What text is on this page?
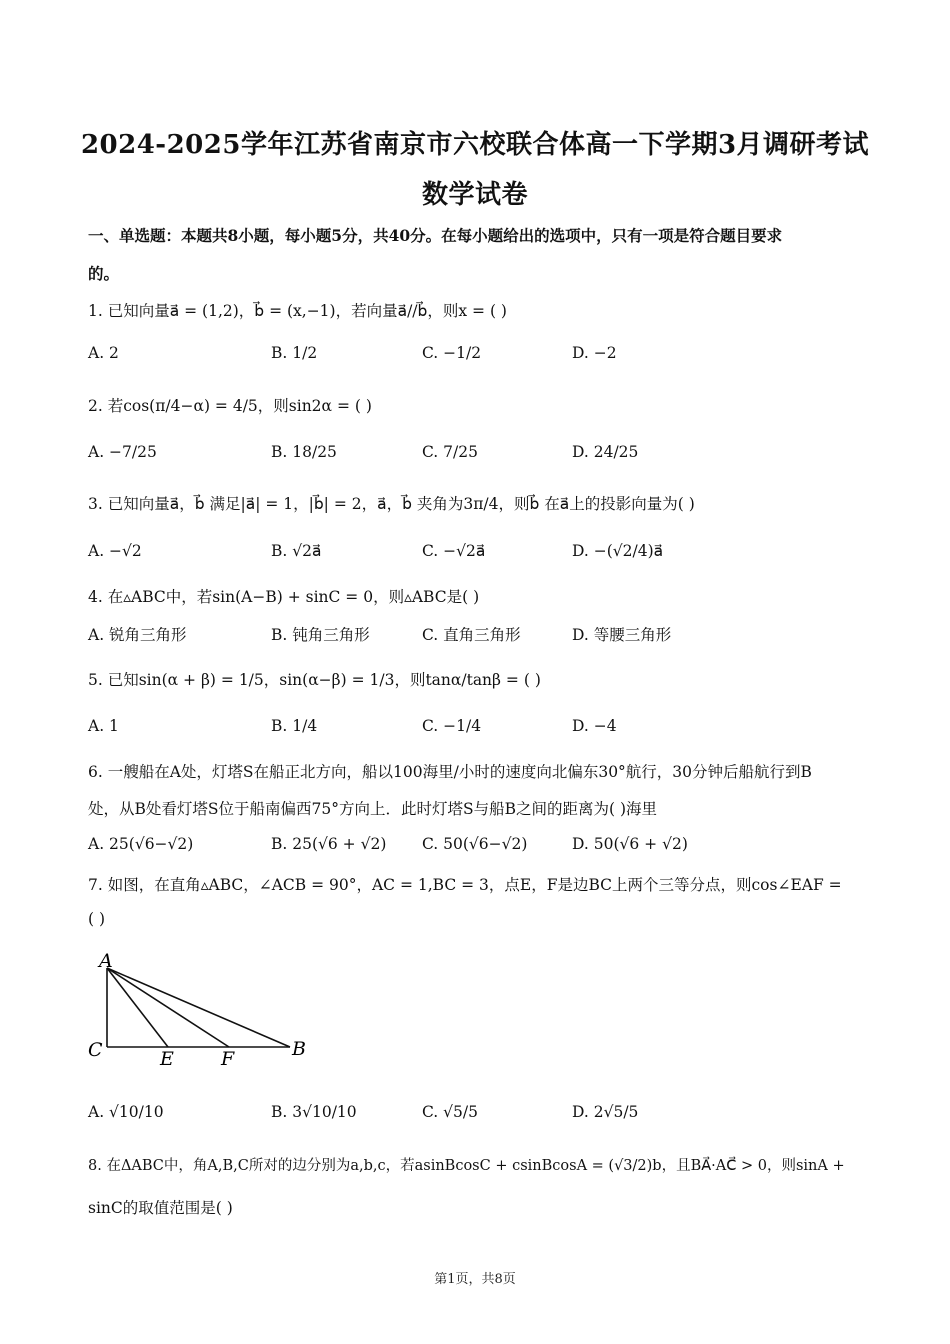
2024-2025学年江苏省南京市六校联合体高一下学期3月调研考试
数学试卷
一、单选题：本题共8小题，每小题5分，共40分。在每小题给出的选项中，只有一项是符合题目要求
的。
1. 已知向量a⃗ = (1,2)，b⃗ = (x,−1)，若向量a⃗//b⃗，则x = ( )
A. 2	B. 1/2	C. −1/2	D. −2
2. 若cos(π/4−α) = 4/5，则sin2α = ( )
A. −7/25	B. 18/25	C. 7/25	D. 24/25
3. 已知向量a⃗，b⃗ 满足|a⃗| = 1，|b⃗| = 2，a⃗，b⃗ 夹角为3π/4，则b⃗ 在a⃗上的投影向量为( )
A. −√2	B. √2a⃗	C. −√2a⃗	D. −(√2/4)a⃗
4. 在▵ABC中，若sin(A−B) + sinC = 0，则▵ABC是( )
A. 锐角三角形	B. 钝角三角形	C. 直角三角形	D. 等腰三角形
5. 已知sin(α + β) = 1/5，sin(α−β) = 1/3，则tanα/tanβ = ( )
A. 1	B. 1/4	C. −1/4	D. −4
6. 一艘船在A处，灯塔S在船正北方向，船以100海里/小时的速度向北偏东30°航行，30分钟后船航行到B
处，从B处看灯塔S位于船南偏西75°方向上．此时灯塔S与船B之间的距离为( )海里
A. 25(√6−√2)	B. 25(√6 + √2) C. 50(√6−√2)	D. 50(√6 + √2)
7. 如图，在直角▵ABC，∠ACB = 90°，AC = 1,BC = 3，点E，F是边BC上两个三等分点，则cos∠EAF =
( )
A
C	E F	B
A. √10/10	B. 3√10/10	C. √5/5	D. 2√5/5
8. 在ΔABC中，角A,B,C所对的边分别为a,b,c，若asinBcosC + csinBcosA = (√3/2)b，且BA⃗·AC⃗ > 0，则sinA +
sinC的取值范围是( )
第1页，共8页
